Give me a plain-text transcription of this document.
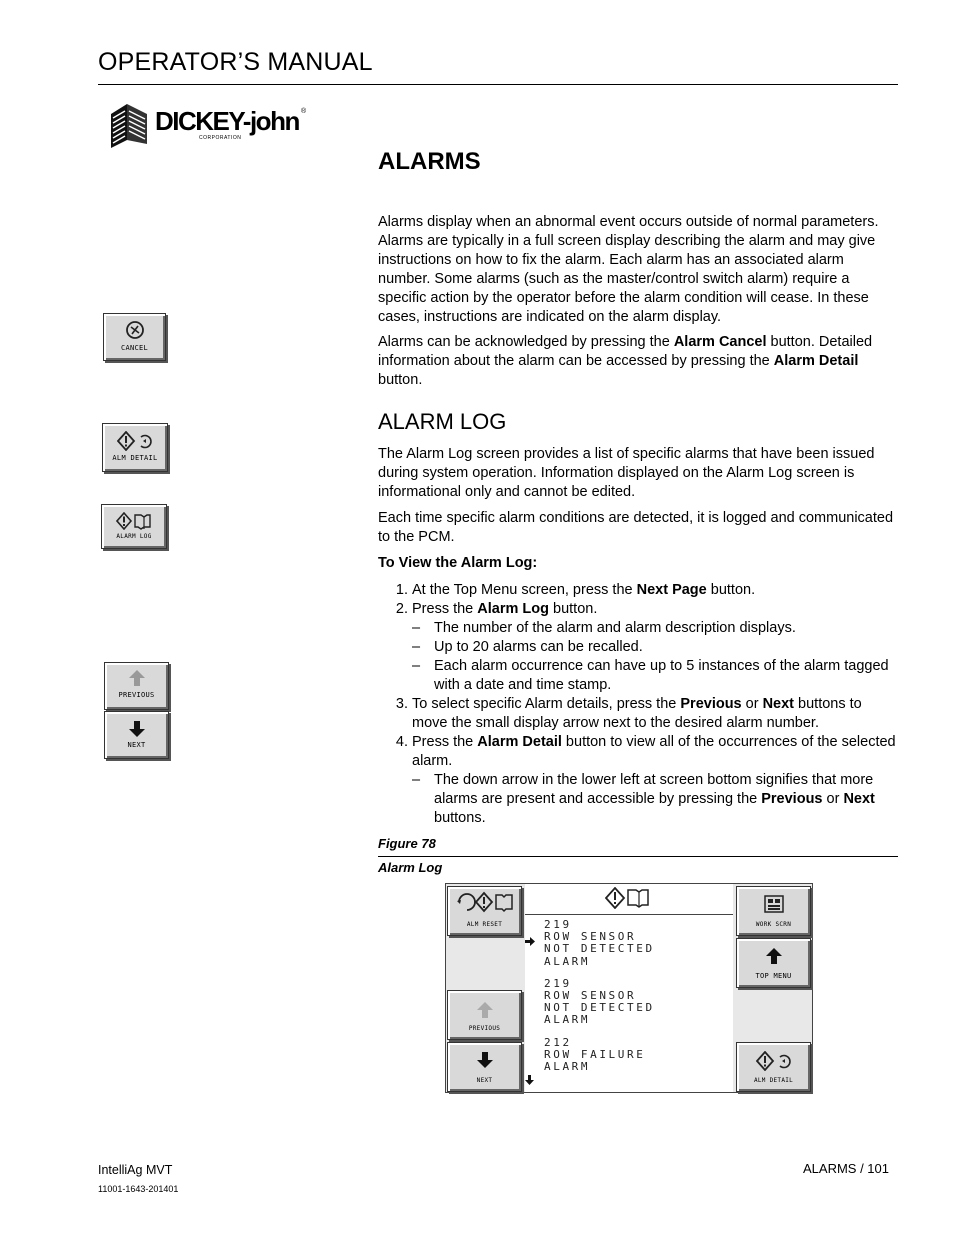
OPERATOR’S MANUAL
DICKEY-john ®
CORPORATION
ALARMS
Alarms display when an abnormal event occurs outside of normal parameters. Alarms are typically in a full screen display describing the alarm and may give instructions on how to fix the alarm. Each alarm has an associated alarm number. Some alarms (such as the master/control switch alarm) require a specific action by the operator before the alarm condition will cease. In these cases, instructions are indicated on the alarm display.
Alarms can be acknowledged by pressing the Alarm Cancel button. Detailed information about the alarm can be accessed by pressing the Alarm Detail button.
ALARM LOG
The Alarm Log screen provides a list of specific alarms that have been issued during system operation. Information displayed on the Alarm Log screen is informational only and cannot be edited.
Each time specific alarm conditions are detected, it is logged and communicated to the PCM.
To View the Alarm Log:
1. At the Top Menu screen, press the Next Page button.
2. Press the Alarm Log button.
– The number of the alarm and alarm description displays.
– Up to 20 alarms can be recalled.
– Each alarm occurrence can have up to 5 instances of the alarm tagged with a date and time stamp.
3. To select specific Alarm details, press the Previous or Next buttons to move the small display arrow next to the desired alarm number.
4. Press the Alarm Detail button to view all of the occurrences of the selected alarm.
– The down arrow in the lower left at screen bottom signifies that more alarms are present and accessible by pressing the Previous or Next buttons.
CANCEL
ALM DETAIL
ALARM LOG
PREVIOUS
NEXT
Figure 78
Alarm Log
ALM RESET
PREVIOUS
NEXT
219
ROW SENSOR
NOT DETECTED
ALARM
219
ROW SENSOR
NOT DETECTED
ALARM
212
ROW FAILURE
ALARM
WORK SCRN
TOP MENU
ALM DETAIL
IntelliAg MVT
11001-1643-201401
ALARMS / 101
